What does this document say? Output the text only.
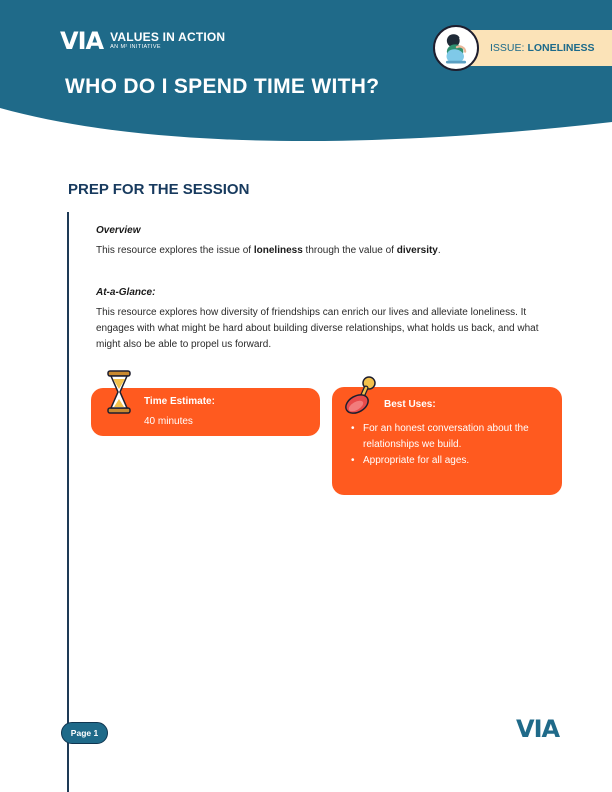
VIA VALUES IN ACTION
AN M² INITIATIVE	ISSUE: LONELINESS
WHO DO I SPEND TIME WITH?
PREP FOR THE SESSION
Overview
This resource explores the issue of loneliness through the value of diversity.
At-a-Glance:
This resource explores how diversity of friendships can enrich our lives and alleviate loneliness. It engages with what might be hard about building diverse relationships, what holds us back, and what might also be able to propel us forward.
Time Estimate:
40 minutes
Best Uses:
• For an honest conversation about the relationships we build.
• Appropriate for all ages.
Page 1	VIA
